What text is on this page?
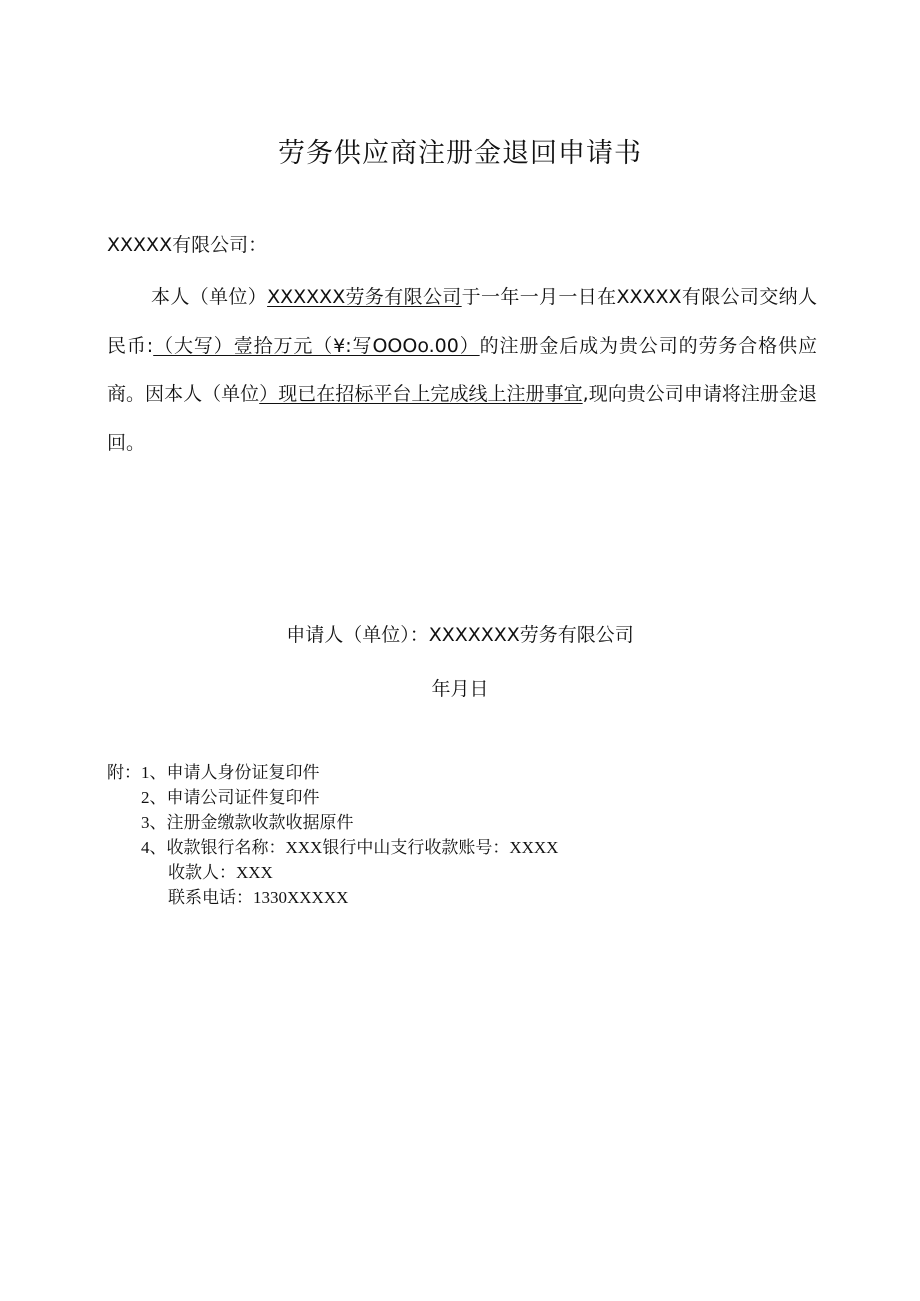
劳务供应商注册金退回申请书
XXXXX有限公司：

本人（单位）XXXXXX劳务有限公司于一年一月一日在XXXXX有限公司交纳人民币:（大写）壹拾万元（¥:写OOOo.00）的注册金后成为贵公司的劳务合格供应商。因本人（单位）现已在招标平台上完成线上注册事宜,现向贵公司申请将注册金退回。

申请人（单位）：XXXXXXX劳务有限公司
年月日
附：1、申请人身份证复印件
2、申请公司证件复印件
3、注册金缴款收款收据原件
4、收款银行名称：XXX银行中山支行收款账号：XXXX
收款人：XXX
联系电话：1330XXXXX
